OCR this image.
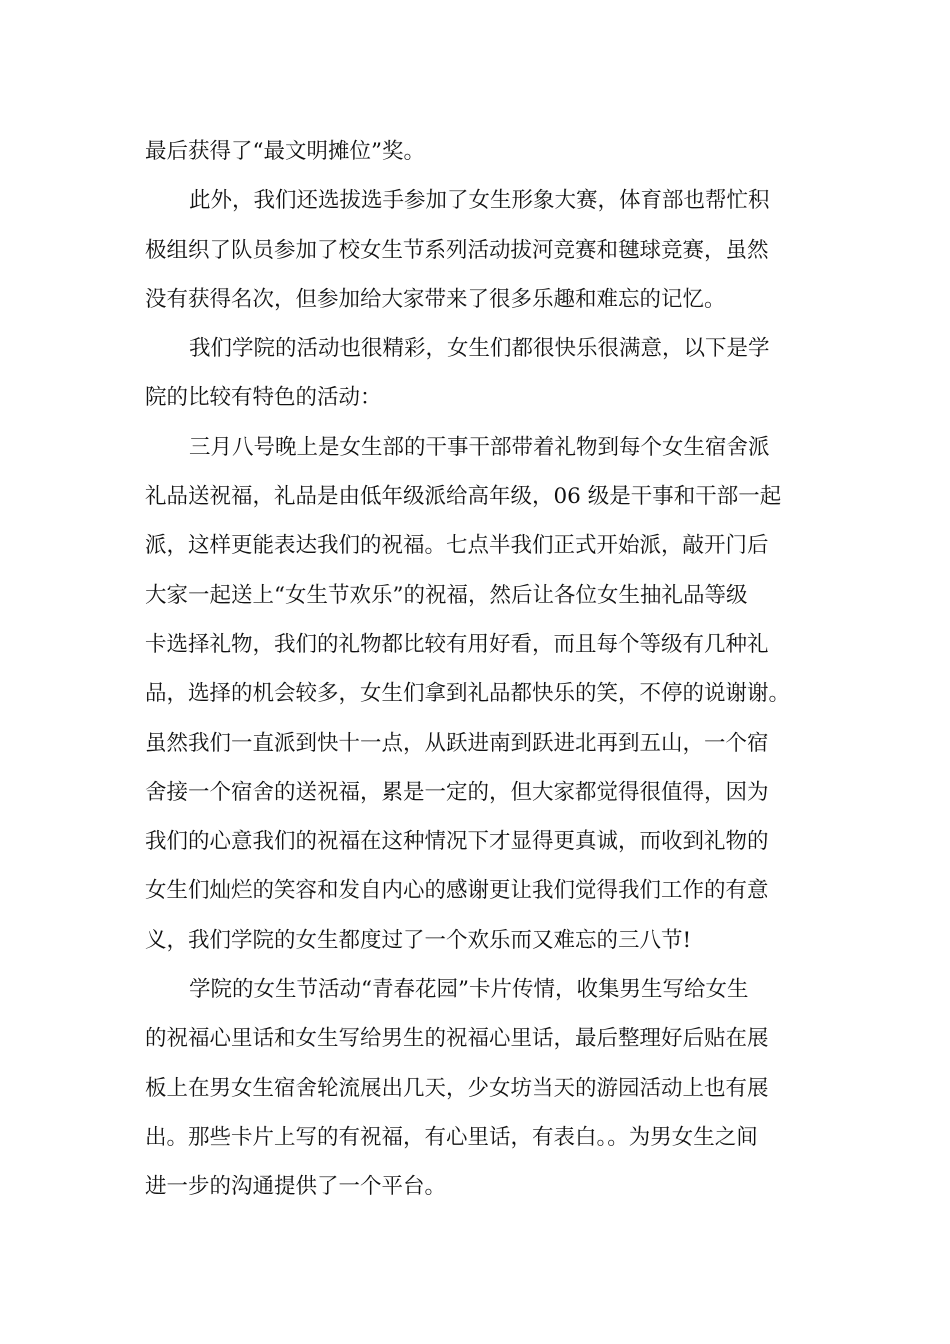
最后获得了“最文明摊位”奖。
此外，我们还选拔选手参加了女生形象大赛，体育部也帮忙积
极组织了队员参加了校女生节系列活动拔河竞赛和毽球竞赛，虽然
没有获得名次，但参加给大家带来了很多乐趣和难忘的记忆。
我们学院的活动也很精彩，女生们都很快乐很满意，以下是学
院的比较有特色的活动：
三月八号晚上是女生部的干事干部带着礼物到每个女生宿舍派
礼品送祝福，礼品是由低年级派给高年级，06 级是干事和干部一起
派，这样更能表达我们的祝福。七点半我们正式开始派，敲开门后
大家一起送上“女生节欢乐”的祝福，然后让各位女生抽礼品等级
卡选择礼物，我们的礼物都比较有用好看，而且每个等级有几种礼
品，选择的机会较多，女生们拿到礼品都快乐的笑，不停的说谢谢。
虽然我们一直派到快十一点，从跃进南到跃进北再到五山，一个宿
舍接一个宿舍的送祝福，累是一定的，但大家都觉得很值得，因为
我们的心意我们的祝福在这种情况下才显得更真诚，而收到礼物的
女生们灿烂的笑容和发自内心的感谢更让我们觉得我们工作的有意
义，我们学院的女生都度过了一个欢乐而又难忘的三八节!
学院的女生节活动“青春花园”卡片传情，收集男生写给女生
的祝福心里话和女生写给男生的祝福心里话，最后整理好后贴在展
板上在男女生宿舍轮流展出几天，少女坊当天的游园活动上也有展
出。那些卡片上写的有祝福，有心里话，有表白。。为男女生之间
进一步的沟通提供了一个平台。
